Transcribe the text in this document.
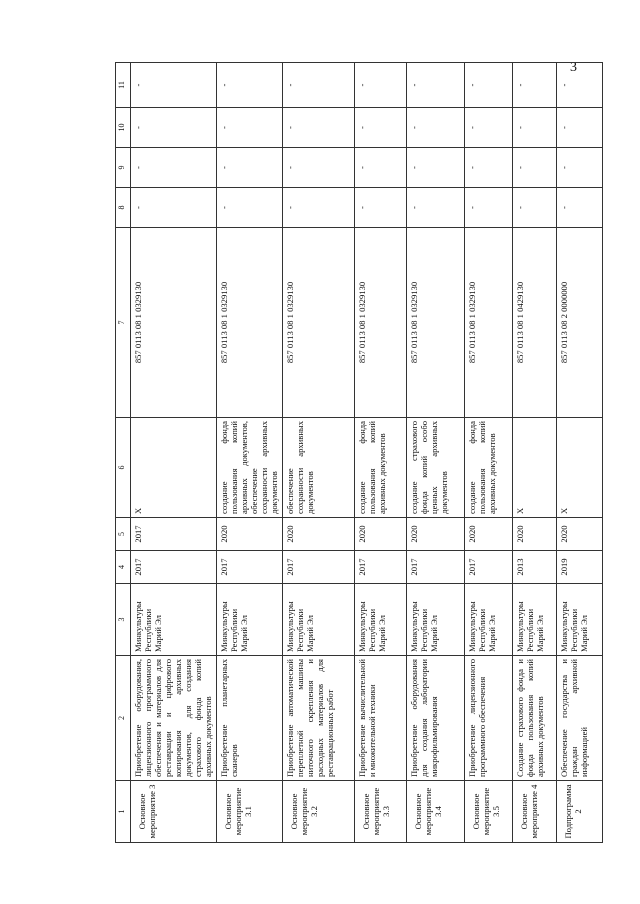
3
1	2	3	4	5	6	7	8	9	10	11
Основное мероприятие 3	Приобретение оборудования, лицензионного программного обеспечения и материалов для реставрации и цифрового копирования архивных документов, для создания страхового фонда копий архивных документов	Минкультуры Республики Марий Эл	2017	2017	Х	857 0113 08 1 0329130	-	-	-	-
Основное мероприятие 3.1	Приобретение планетарных сканеров	Минкультуры Республики Марий Эл	2017	2020	создание фонда пользования копий архивных документов, обеспечение сохранности архивных документов	857 0113 08 1 0329130	-	-	-	-
Основное мероприятие 3.2	Приобретение автоматической переплетной машины ниточного скрепления и расходных материалов для реставрационных работ	Минкультуры Республики Марий Эл	2017	2020	обеспечение сохранности архивных документов	857 0113 08 1 0329130	-	-	-	-
Основное мероприятие 3.3	Приобретение вычислительной и множительной техники	Минкультуры Республики Марий Эл	2017	2020	создание фонда пользования копий архивных документов	857 0113 08 1 0329130	-	-	-	-
Основное мероприятие 3.4	Приобретение оборудования для создания лаборатории микрофильмирования	Минкультуры Республики Марий Эл	2017	2020	создание страхового фонда копий особо ценных архивных документов	857 0113 08 1 0329130	-	-	-	-
Основное мероприятие 3.5	Приобретение лицензионного программного обеспечения	Минкультуры Республики Марий Эл	2017	2020	создание фонда пользования копий архивных документов	857 0113 08 1 0329130	-	-	-	-
Основное мероприятие 4	Создание страхового фонда и фонда пользования копий архивных документов	Минкультуры Республики Марий Эл	2013	2020	Х	857 0113 08 1 0429130	-	-	-	-
Подпрограмма 2	Обеспечение государства и граждан архивной информацией	Минкультуры Республики Марий Эл	2019	2020	Х	857 0113 08 2 0000000	-	-	-	-
